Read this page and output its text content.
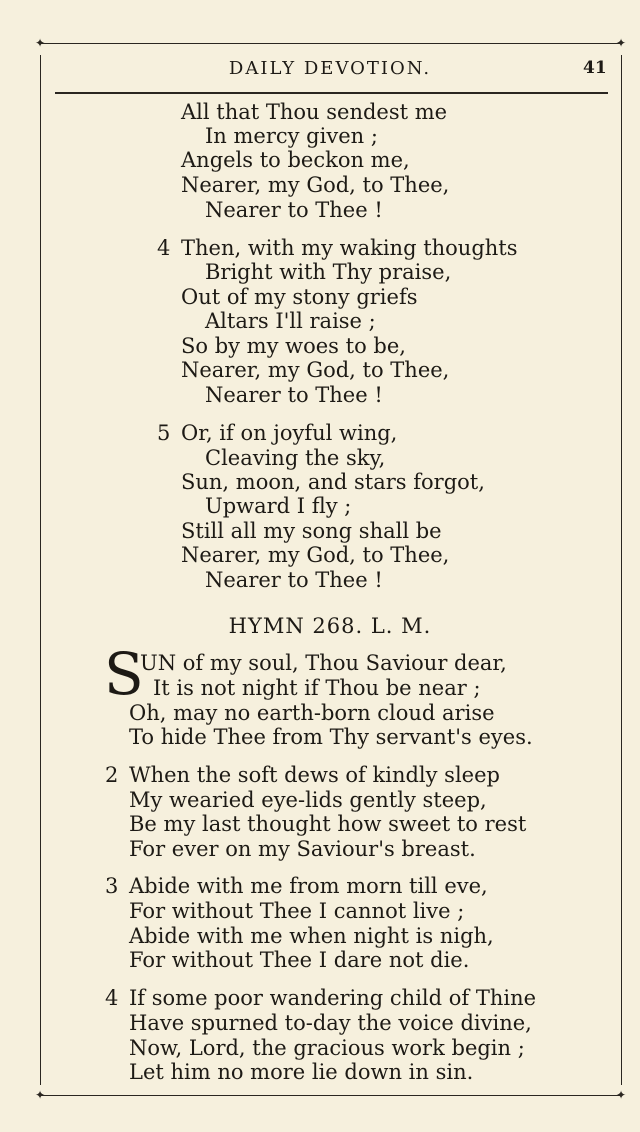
✦	✦
✦	✦
DAILY DEVOTION.	41
All that Thou sendest me
In mercy given ;
Angels to beckon me,
Nearer, my God, to Thee,
Nearer to Thee !
4 Then, with my waking thoughts
Bright with Thy praise,
Out of my stony griefs
Altars I'll raise ;
So by my woes to be,
Nearer, my God, to Thee,
Nearer to Thee !
5 Or, if on joyful wing,
Cleaving the sky,
Sun, moon, and stars forgot,
Upward I fly ;
Still all my song shall be
Nearer, my God, to Thee,
Nearer to Thee !
HYMN 268. L. M.
S
UN of my soul, Thou Saviour dear,
It is not night if Thou be near ;
Oh, may no earth-born cloud arise
To hide Thee from Thy servant's eyes.
2 When the soft dews of kindly sleep
My wearied eye-lids gently steep,
Be my last thought how sweet to rest
For ever on my Saviour's breast.
3 Abide with me from morn till eve,
For without Thee I cannot live ;
Abide with me when night is nigh,
For without Thee I dare not die.
4 If some poor wandering child of Thine
Have spurned to-day the voice divine,
Now, Lord, the gracious work begin ;
Let him no more lie down in sin.
